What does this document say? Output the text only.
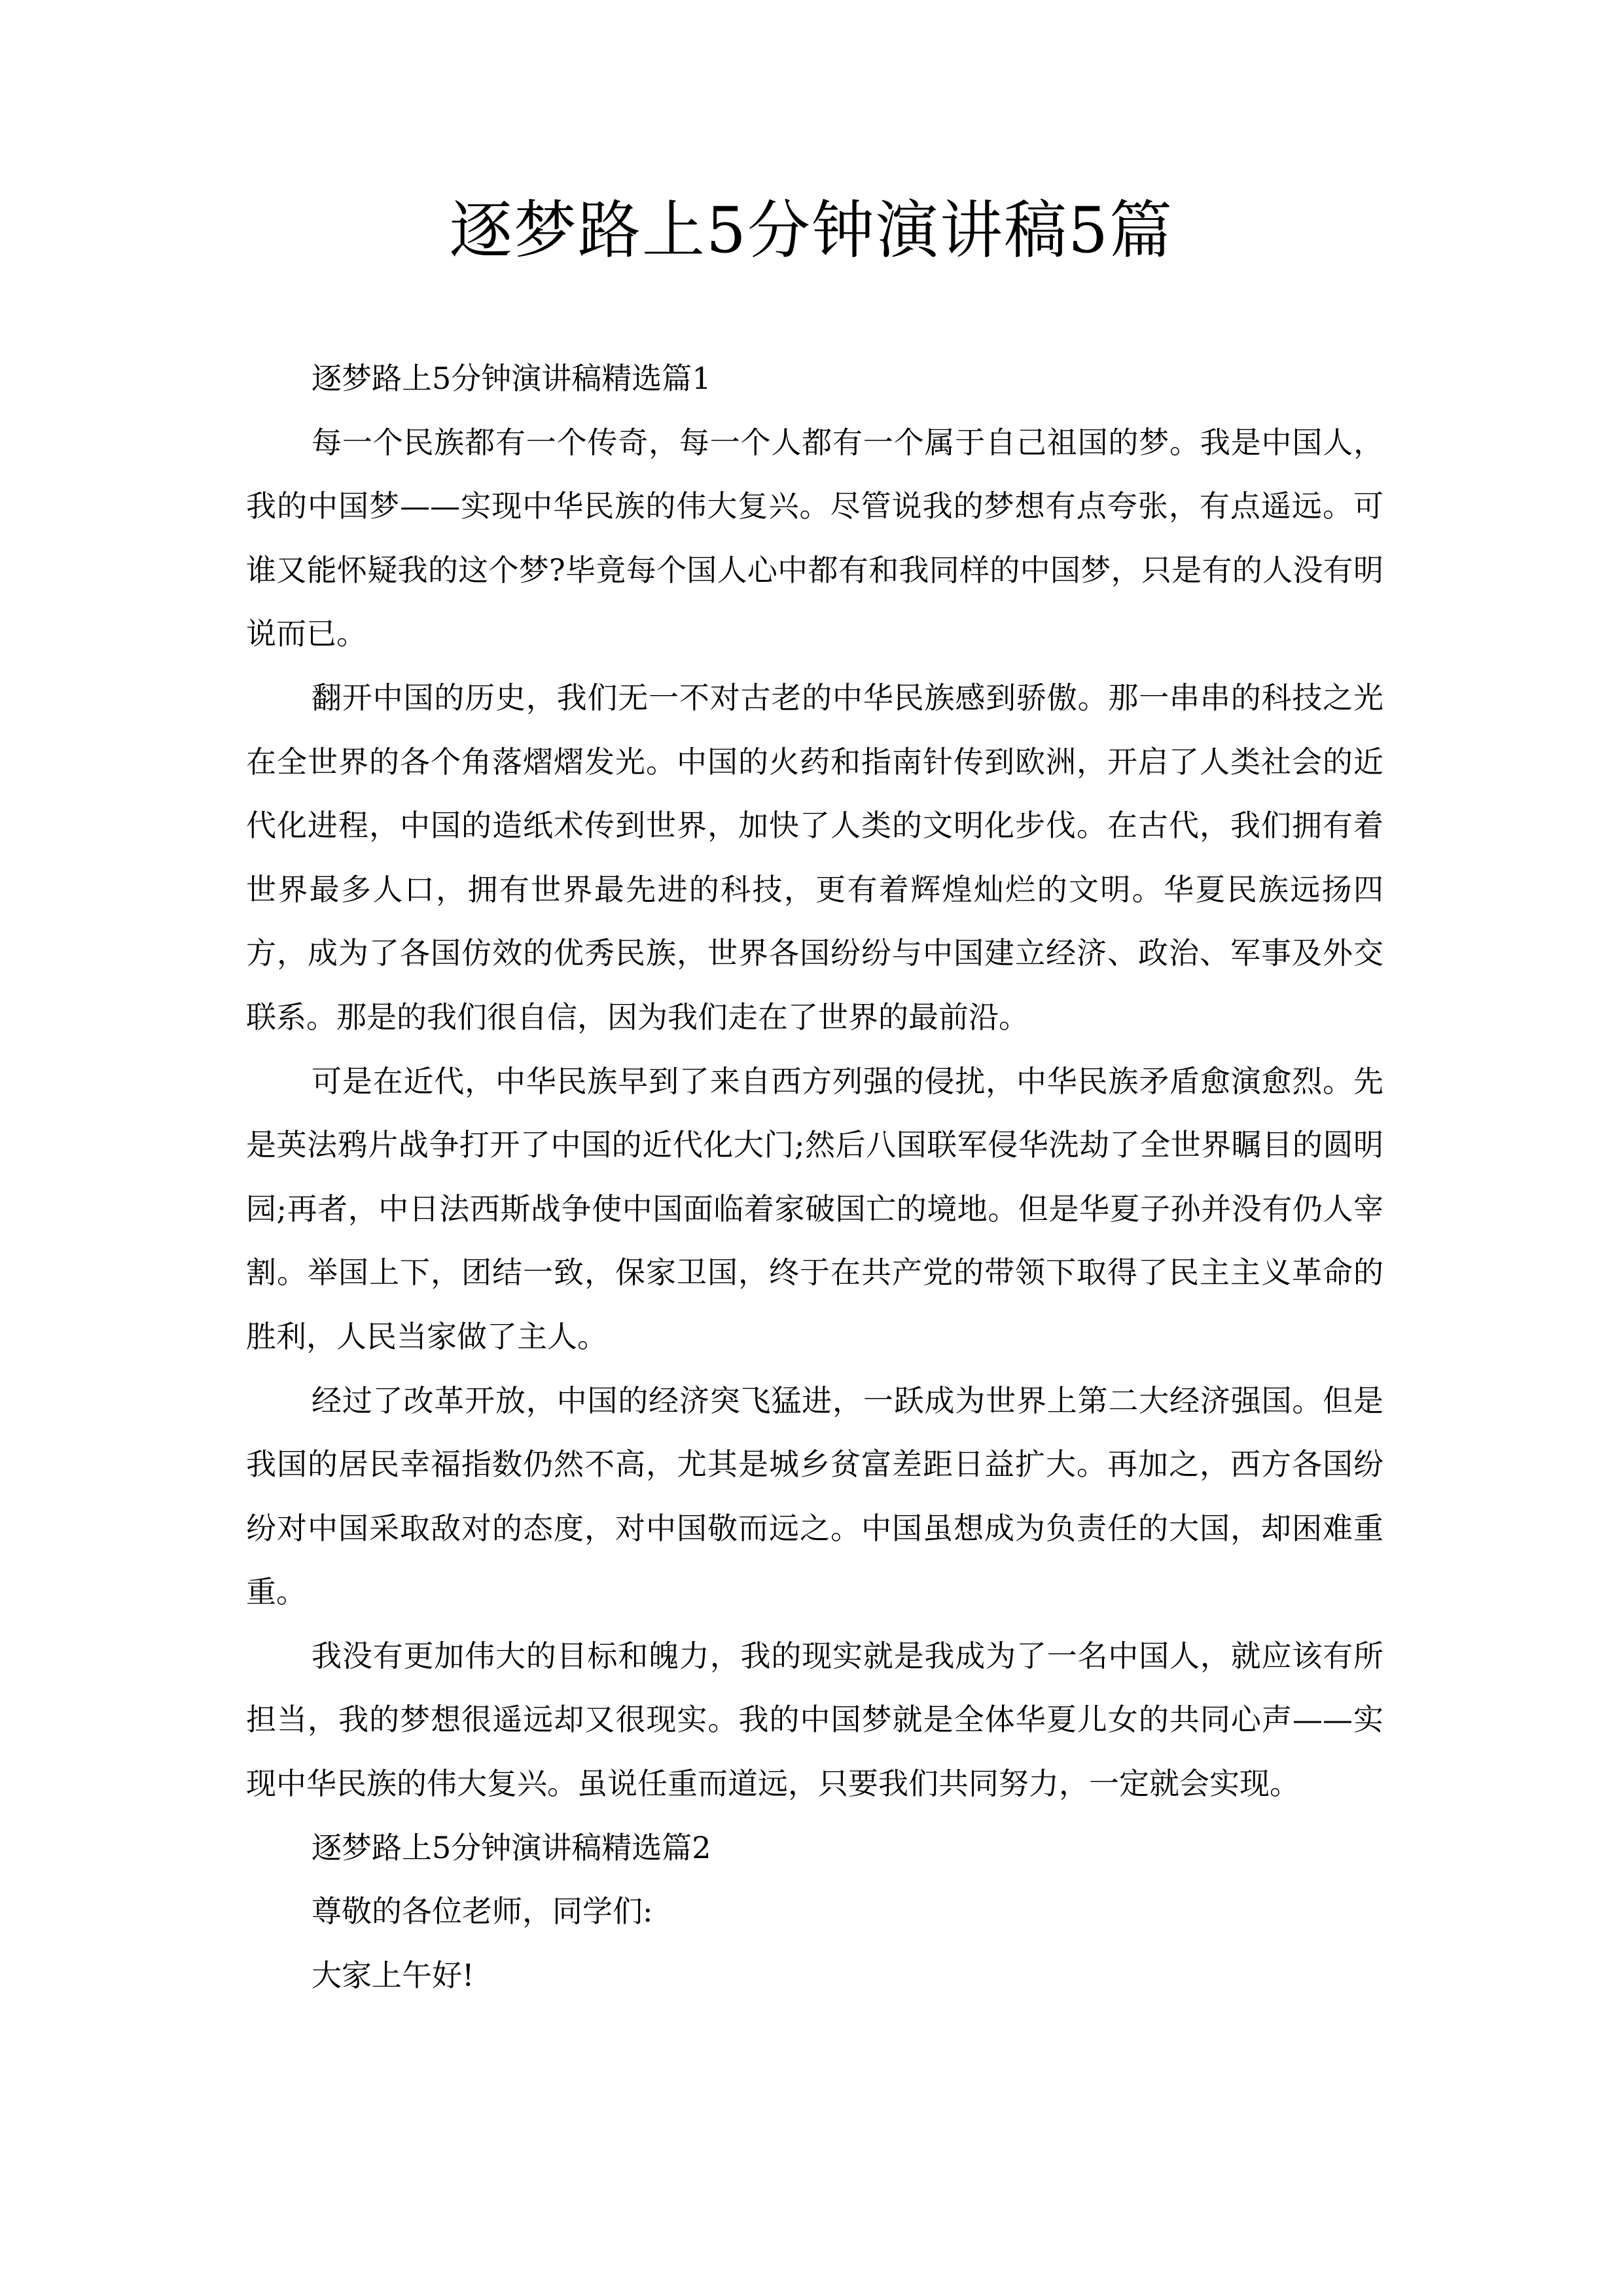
逐梦路上5分钟演讲稿5篇

逐梦路上5分钟演讲稿精选篇1

每一个民族都有一个传奇，每一个人都有一个属于自己祖国的梦。我是中国人，我的中国梦——实现中华民族的伟大复兴。尽管说我的梦想有点夸张，有点遥远。可谁又能怀疑我的这个梦?毕竟每个国人心中都有和我同样的中国梦，只是有的人没有明说而已。

翻开中国的历史，我们无一不对古老的中华民族感到骄傲。那一串串的科技之光在全世界的各个角落熠熠发光。中国的火药和指南针传到欧洲，开启了人类社会的近代化进程，中国的造纸术传到世界，加快了人类的文明化步伐。在古代，我们拥有着世界最多人口，拥有世界最先进的科技，更有着辉煌灿烂的文明。华夏民族远扬四方，成为了各国仿效的优秀民族，世界各国纷纷与中国建立经济、政治、军事及外交联系。那是的我们很自信，因为我们走在了世界的最前沿。

可是在近代，中华民族早到了来自西方列强的侵扰，中华民族矛盾愈演愈烈。先是英法鸦片战争打开了中国的近代化大门;然后八国联军侵华洗劫了全世界瞩目的圆明园;再者，中日法西斯战争使中国面临着家破国亡的境地。但是华夏子孙并没有仍人宰割。举国上下，团结一致，保家卫国，终于在共产党的带领下取得了民主主义革命的胜利，人民当家做了主人。

经过了改革开放，中国的经济突飞猛进，一跃成为世界上第二大经济强国。但是我国的居民幸福指数仍然不高，尤其是城乡贫富差距日益扩大。再加之，西方各国纷纷对中国采取敌对的态度，对中国敬而远之。中国虽想成为负责任的大国，却困难重重。

我没有更加伟大的目标和魄力，我的现实就是我成为了一名中国人，就应该有所担当，我的梦想很遥远却又很现实。我的中国梦就是全体华夏儿女的共同心声——实现中华民族的伟大复兴。虽说任重而道远，只要我们共同努力，一定就会实现。

逐梦路上5分钟演讲稿精选篇2

尊敬的各位老师，同学们:

大家上午好!
